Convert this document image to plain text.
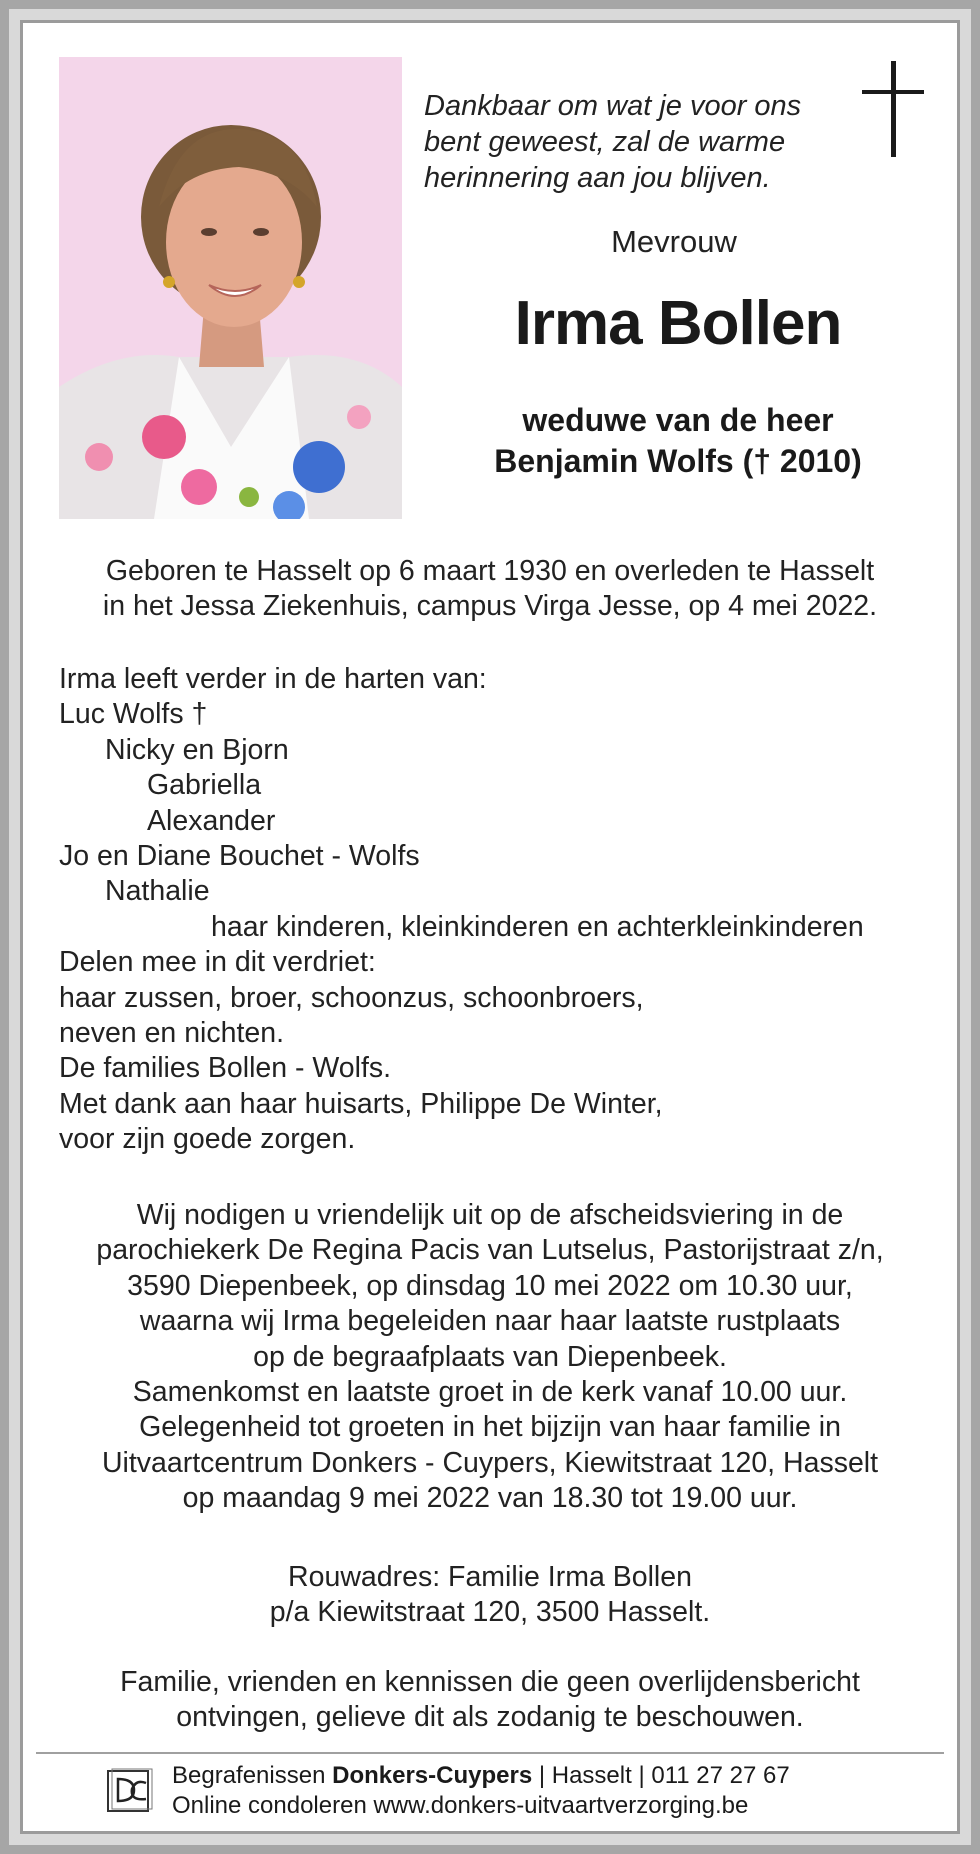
Dankbaar om wat je voor ons
bent geweest, zal de warme
herinnering aan jou blijven.
Mevrouw
Irma Bollen
weduwe van de heer
Benjamin Wolfs († 2010)
Geboren te Hasselt op 6 maart 1930 en overleden te Hasselt
in het Jessa Ziekenhuis, campus Virga Jesse, op 4 mei 2022.
Irma leeft verder in de harten van:
Luc Wolfs †
Nicky en Bjorn
Gabriella
Alexander
Jo en Diane Bouchet - Wolfs
Nathalie
haar kinderen, kleinkinderen en achterkleinkinderen
Delen mee in dit verdriet:
haar zussen, broer, schoonzus, schoonbroers,
neven en nichten.
De families Bollen - Wolfs.
Met dank aan haar huisarts, Philippe De Winter,
voor zijn goede zorgen.
Wij nodigen u vriendelijk uit op de afscheidsviering in de
parochiekerk De Regina Pacis van Lutselus, Pastorijstraat z/n,
3590 Diepenbeek, op dinsdag 10 mei 2022 om 10.30 uur,
waarna wij Irma begeleiden naar haar laatste rustplaats
op de begraafplaats van Diepenbeek.
Samenkomst en laatste groet in de kerk vanaf 10.00 uur.
Gelegenheid tot groeten in het bijzijn van haar familie in
Uitvaartcentrum Donkers - Cuypers, Kiewitstraat 120, Hasselt
op maandag 9 mei 2022 van 18.30 tot 19.00 uur.
Rouwadres: Familie Irma Bollen
p/a Kiewitstraat 120, 3500 Hasselt.
Familie, vrienden en kennissen die geen overlijdensbericht
ontvingen, gelieve dit als zodanig te beschouwen.
Begrafenissen Donkers-Cuypers | Hasselt | 011 27 27 67
Online condoleren www.donkers-uitvaartverzorging.be
